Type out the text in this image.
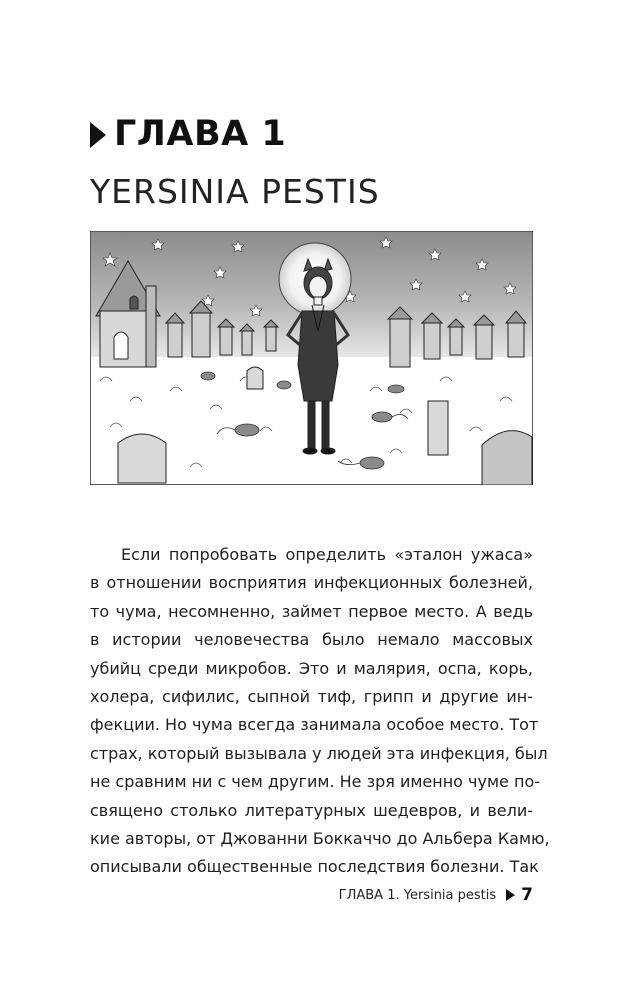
ГЛАВА 1
YERSINIA PESTIS
Если попробовать определить «эталон ужаса»
в отношении восприятия инфекционных болезней,
то чума, несомненно, займет первое место. А ведь
в истории человечества было немало массовых
убийц среди микробов. Это и малярия, оспа, корь,
холера, сифилис, сыпной тиф, грипп и другие ин-
фекции. Но чума всегда занимала особое место. Тот
страх, который вызывала у людей эта инфекция, был
не сравним ни с чем другим. Не зря именно чуме по-
священо столько литературных шедевров, и вели-
кие авторы, от Джованни Боккаччо до Альбера Камю,
описывали общественные последствия болезни. Так
ГЛАВА 1. Yersinia pestis 7
